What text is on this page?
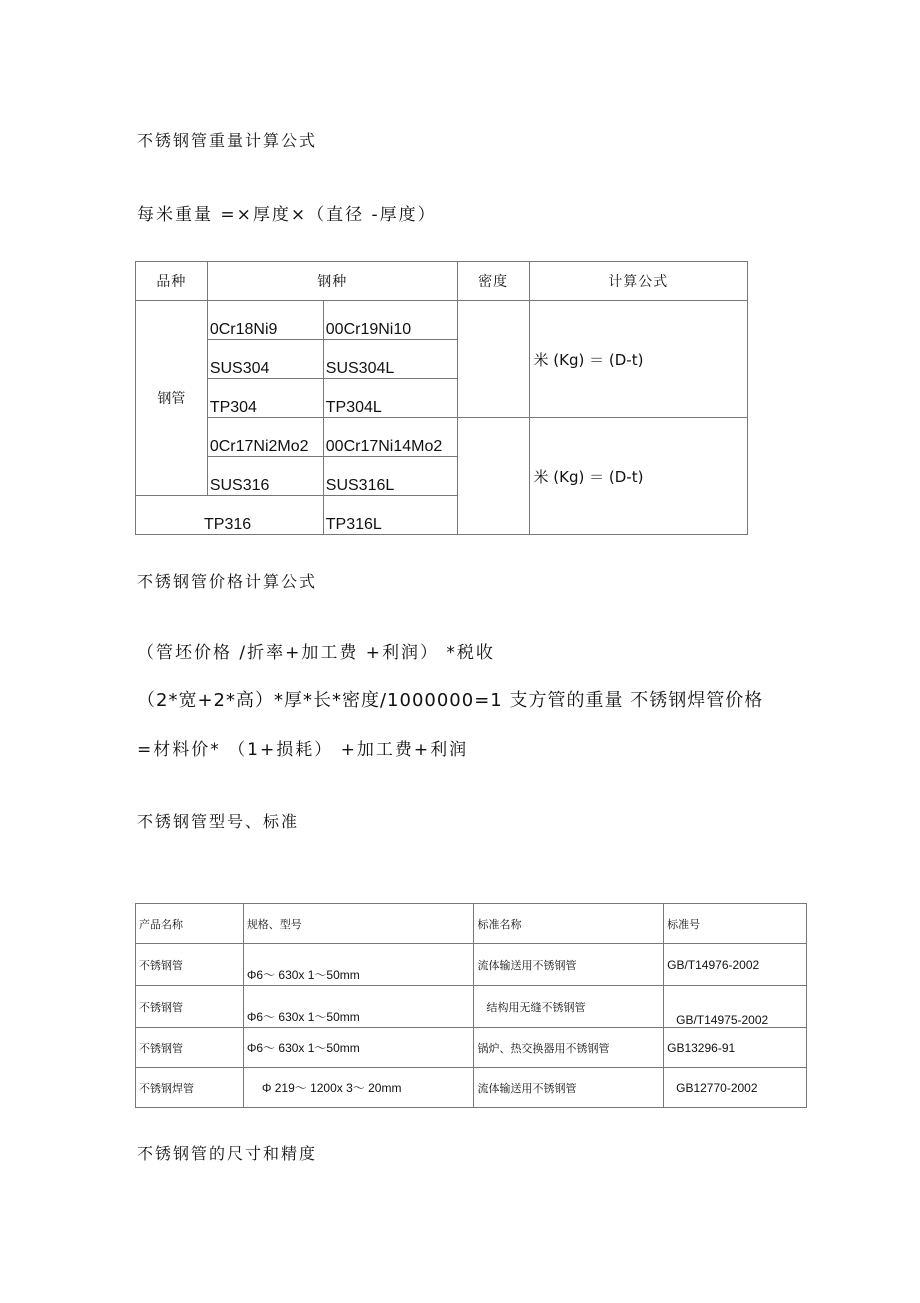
不锈钢管重量计算公式
每米重量 =×厚度×（直径 -厚度）
品种	钢种		密度	计算公式
钢管	0Cr18Ni9	00Cr19Ni10		米 (Kg) ＝ (D-t)
	SUS304	SUS304L		
	TP304	TP304L		
	0Cr17Ni2Mo2	00Cr17Ni14Mo2		米 (Kg) ＝ (D-t)
	SUS316	SUS316L		
TP316		TP316L		
不锈钢管价格计算公式
（管坯价格 /折率+加工费 +利润） *税收
（2*宽+2*高）*厚*长*密度/1000000=1 支方管的重量 不锈钢焊管价格
=材料价* （1+损耗） +加工费+利润
不锈钢管型号、标准
产品名称	规格、型号	标准名称	标准号
不锈钢管	Φ6～ 630x 1～50mm	流体输送用不锈钢管	GB/T14976-2002
不锈钢管	Φ6～ 630x 1～50mm	结构用无缝不锈钢管	GB/T14975-2002
不锈钢管	Φ6～ 630x 1～50mm	锅炉、热交换器用不锈钢管	GB13296-91
不锈钢焊管	Φ 219～ 1200x 3～ 20mm	流体输送用不锈钢管	GB12770-2002
不锈钢管的尺寸和精度
